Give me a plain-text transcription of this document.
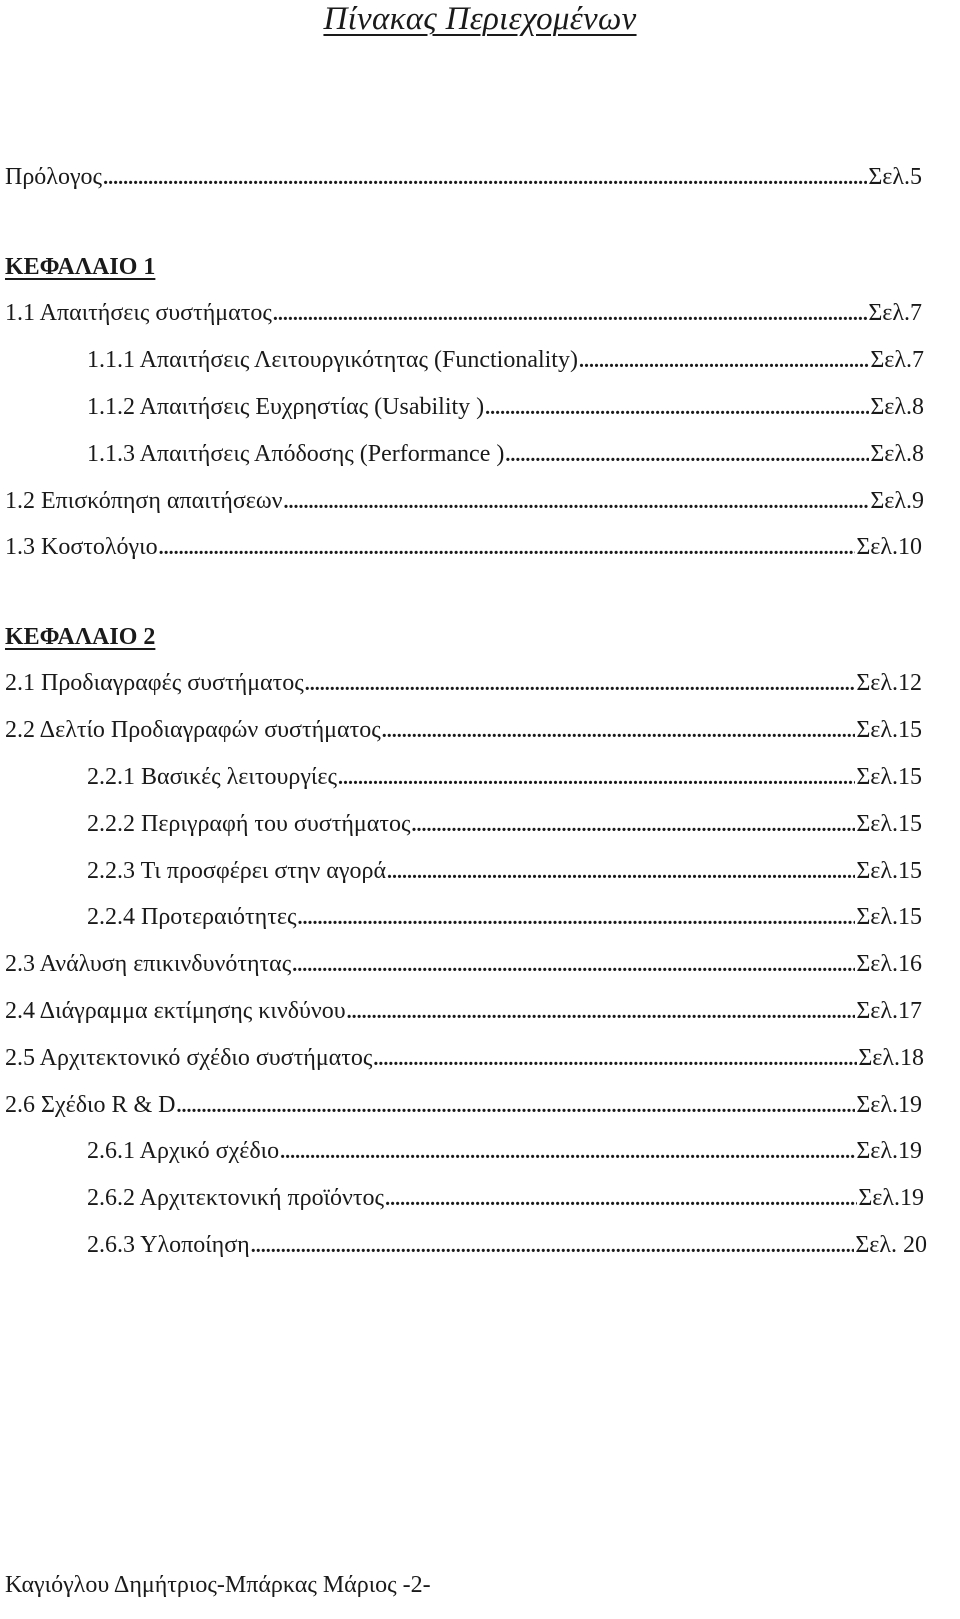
Πίνακας Περιεχομένων
Πρόλογος .....	Σελ.5
ΚΕΦΑΛΑΙΟ 1
1.1 Απαιτήσεις συστήματος .....	Σελ.7
1.1.1 Απαιτήσεις Λειτουργικότητας (Functionality) .....	Σελ.7
1.1.2 Απαιτήσεις Ευχρηστίας (Usability ) .....	Σελ.8
1.1.3 Απαιτήσεις Απόδοσης (Performance ) .....	Σελ.8
1.2 Επισκόπηση απαιτήσεων .....	Σελ.9
1.3 Κοστολόγιο .....	Σελ.10
ΚΕΦΑΛΑΙΟ 2
2.1 Προδιαγραφές συστήματος .....	Σελ.12
2.2 Δελτίο Προδιαγραφών συστήματος .....	Σελ.15
2.2.1 Βασικές λειτουργίες .....	Σελ.15
2.2.2 Περιγραφή του συστήματος .....	Σελ.15
2.2.3 Τι προσφέρει στην αγορά .....	Σελ.15
2.2.4 Προτεραιότητες .....	Σελ.15
2.3 Ανάλυση επικινδυνότητας .....	Σελ.16
2.4 Διάγραμμα εκτίμησης κινδύνου .....	Σελ.17
2.5 Αρχιτεκτονικό σχέδιο συστήματος .....	Σελ.18
2.6 Σχέδιο R & D .....	Σελ.19
2.6.1 Αρχικό σχέδιο .....	Σελ.19
2.6.2 Αρχιτεκτονική προϊόντος .....	Σελ.19
2.6.3 Υλοποίηση .....	Σελ. 20
Καγιόγλου Δημήτριος-Μπάρκας Μάριος -2-
